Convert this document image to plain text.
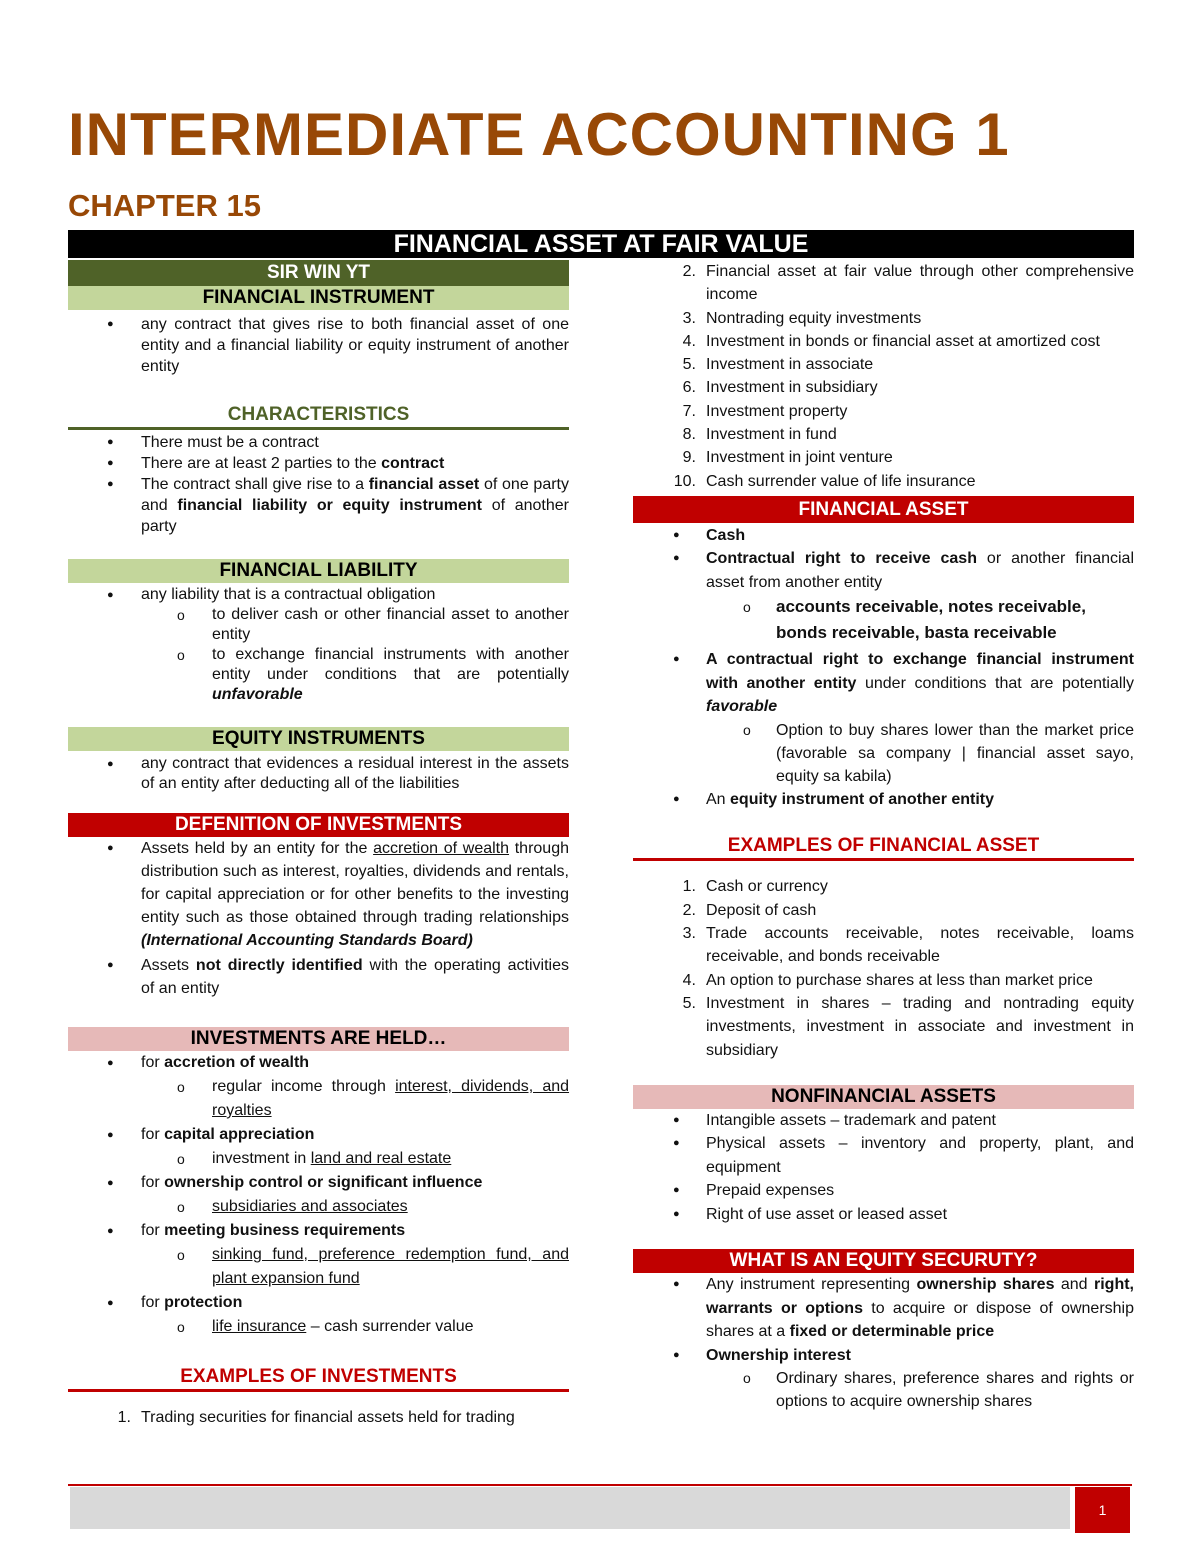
INTERMEDIATE ACCOUNTING 1
CHAPTER 15
FINANCIAL ASSET AT FAIR VALUE
SIR WIN YT
FINANCIAL INSTRUMENT
● any contract that gives rise to both financial asset of one entity and a financial liability or equity instrument of another entity
CHARACTERISTICS
● There must be a contract
● There are at least 2 parties to the contract
● The contract shall give rise to a financial asset of one party and financial liability or equity instrument of another party
FINANCIAL LIABILITY
● any liability that is a contractual obligation
o to deliver cash or other financial asset to another entity
o to exchange financial instruments with another entity under conditions that are potentially unfavorable
EQUITY INSTRUMENTS
● any contract that evidences a residual interest in the assets of an entity after deducting all of the liabilities
DEFENITION OF INVESTMENTS
● Assets held by an entity for the accretion of wealth through distribution such as interest, royalties, dividends and rentals, for capital appreciation or for other benefits to the investing entity such as those obtained through trading relationships (International Accounting Standards Board)
● Assets not directly identified with the operating activities of an entity
INVESTMENTS ARE HELD…
● for accretion of wealth
o regular income through interest, dividends, and royalties
● for capital appreciation
o investment in land and real estate
● for ownership control or significant influence
o subsidiaries and associates
● for meeting business requirements
o sinking fund, preference redemption fund, and plant expansion fund
● for protection
o life insurance – cash surrender value
EXAMPLES OF INVESTMENTS
1. Trading securities for financial assets held for trading
2. Financial asset at fair value through other comprehensive income
3. Nontrading equity investments
4. Investment in bonds or financial asset at amortized cost
5. Investment in associate
6. Investment in subsidiary
7. Investment property
8. Investment in fund
9. Investment in joint venture
10. Cash surrender value of life insurance
FINANCIAL ASSET
● Cash
● Contractual right to receive cash or another financial asset from another entity
o accounts receivable, notes receivable, bonds receivable, basta receivable
● A contractual right to exchange financial instrument with another entity under conditions that are potentially favorable
o Option to buy shares lower than the market price (favorable sa company | financial asset sayo, equity sa kabila)
● An equity instrument of another entity
EXAMPLES OF FINANCIAL ASSET
1. Cash or currency
2. Deposit of cash
3. Trade accounts receivable, notes receivable, loams receivable, and bonds receivable
4. An option to purchase shares at less than market price
5. Investment in shares – trading and nontrading equity investments, investment in associate and investment in subsidiary
NONFINANCIAL ASSETS
● Intangible assets – trademark and patent
● Physical assets – inventory and property, plant, and equipment
● Prepaid expenses
● Right of use asset or leased asset
WHAT IS AN EQUITY SECURUTY?
● Any instrument representing ownership shares and right, warrants or options to acquire or dispose of ownership shares at a fixed or determinable price
● Ownership interest
o Ordinary shares, preference shares and rights or options to acquire ownership shares
1
